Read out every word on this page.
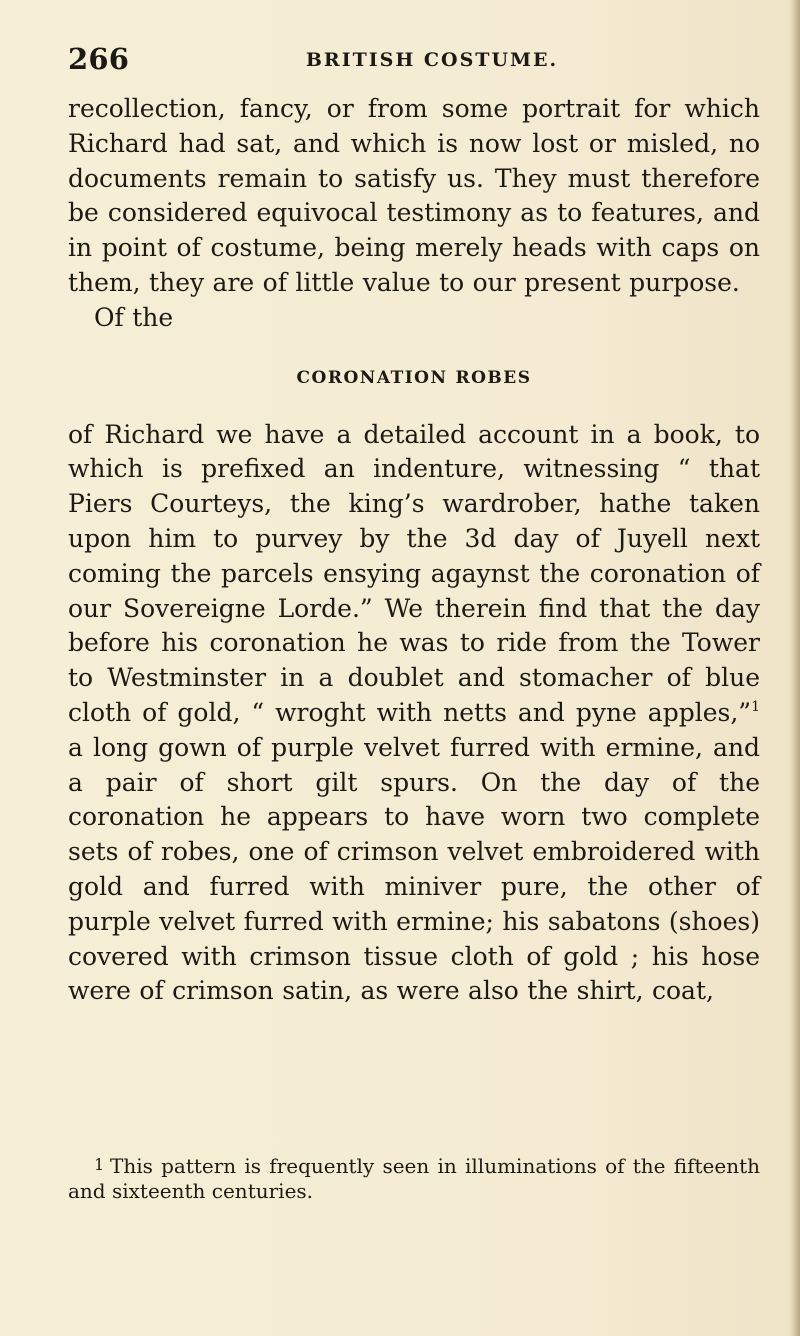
266	BRITISH COSTUME.

recollection, fancy, or from some portrait for which Richard had sat, and which is now lost or misled, no documents remain to satisfy us. They must therefore be considered equivocal testimony as to features, and in point of costume, being merely heads with caps on them, they are of little value to our present purpose.

Of the

CORONATION ROBES

of Richard we have a detailed account in a book, to which is prefixed an indenture, witnessing “ that Piers Courteys, the king’s wardrober, hathe taken upon him to purvey by the 3d day of Juyell next coming the parcels ensying agaynst the coronation of our Sovereigne Lorde.” We therein find that the day before his coronation he was to ride from the Tower to Westminster in a doublet and stomacher of blue cloth of gold, “ wroght with netts and pyne apples,”$^1$ a long gown of purple velvet furred with ermine, and a pair of short gilt spurs. On the day of the coronation he appears to have worn two complete sets of robes, one of crimson velvet embroidered with gold and furred with miniver pure, the other of purple velvet furred with ermine; his sabatons (shoes) covered with crimson tissue cloth of gold ; his hose were of crimson satin, as were also the shirt, coat,

1 This pattern is frequently seen in illuminations of the fifteenth and sixteenth centuries.
